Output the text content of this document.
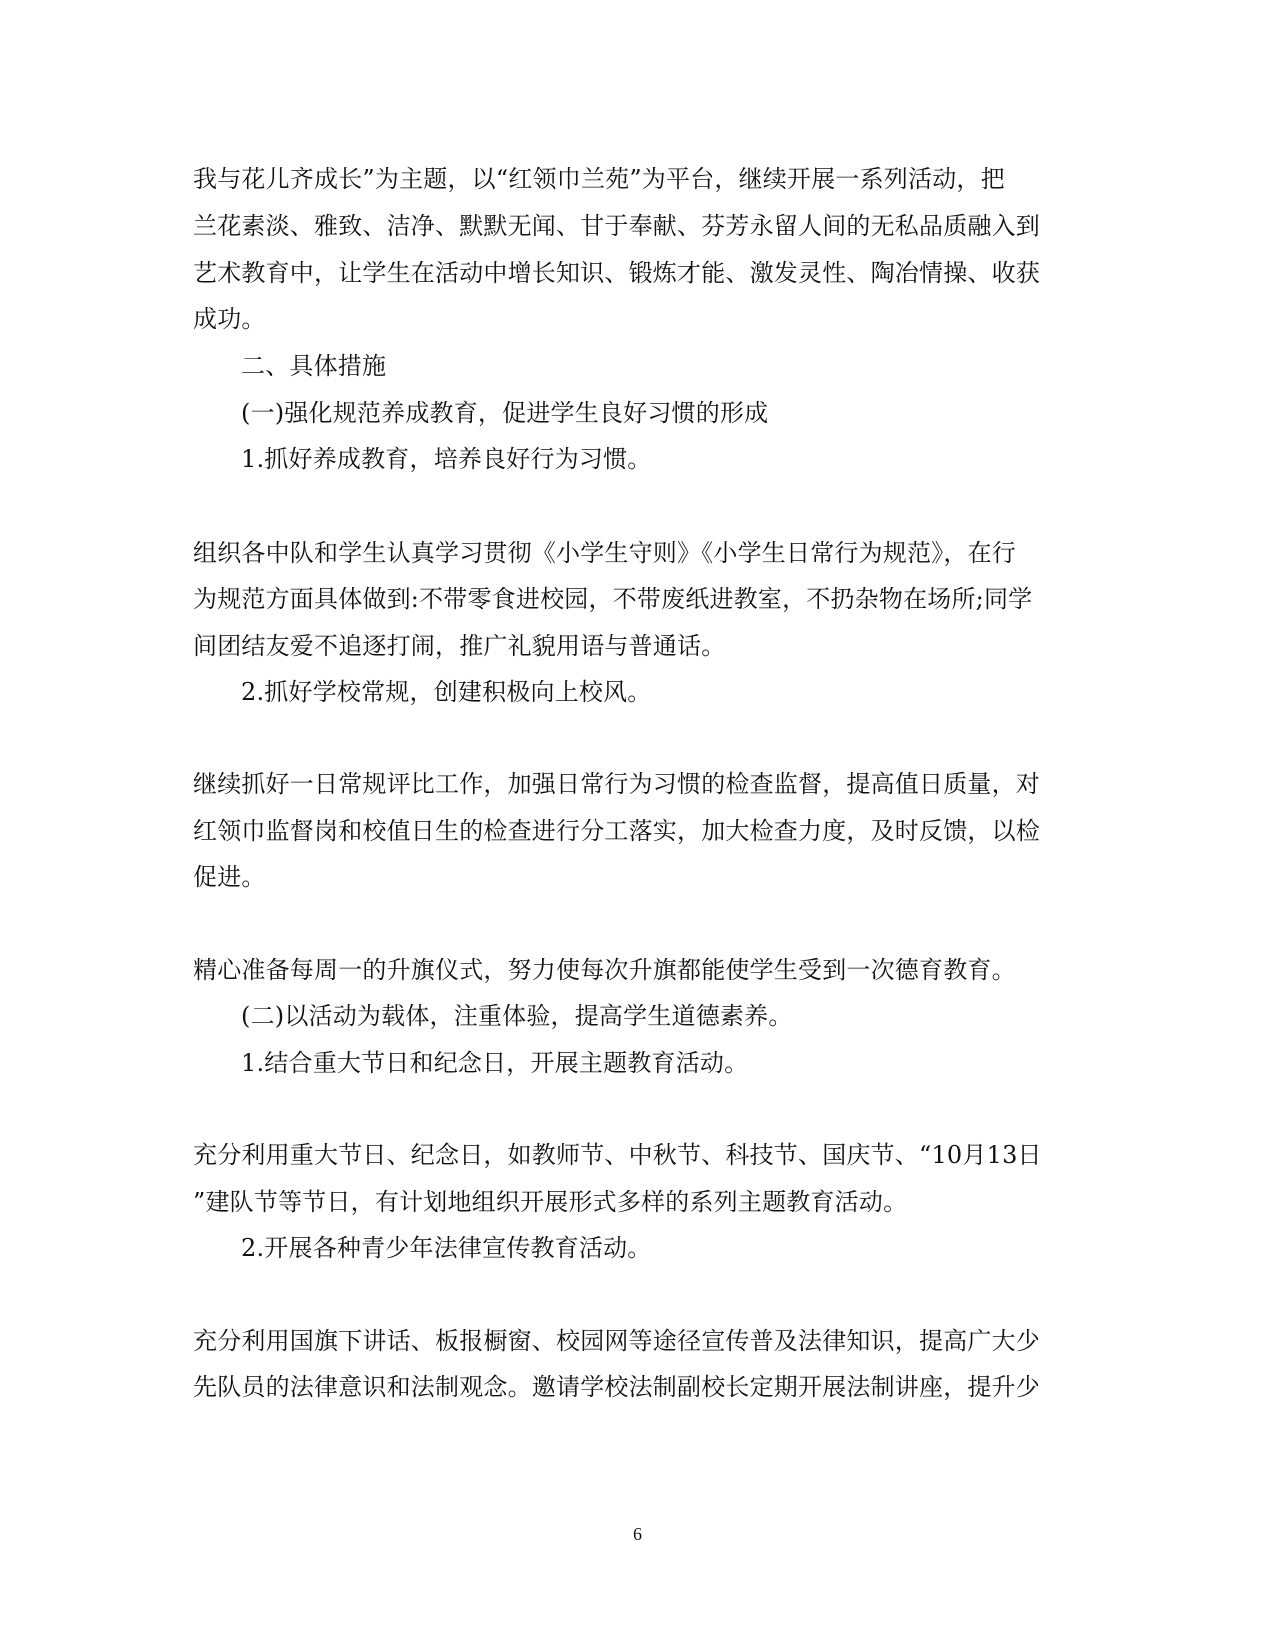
我与花儿齐成长”为主题，以“红领巾兰苑”为平台，继续开展一系列活动，把
兰花素淡、雅致、洁净、默默无闻、甘于奉献、芬芳永留人间的无私品质融入到
艺术教育中，让学生在活动中增长知识、锻炼才能、激发灵性、陶冶情操、收获
成功。
二、具体措施
(一)强化规范养成教育，促进学生良好习惯的形成
1.抓好养成教育，培养良好行为习惯。
组织各中队和学生认真学习贯彻《小学生守则》《小学生日常行为规范》，在行
为规范方面具体做到:不带零食进校园，不带废纸进教室，不扔杂物在场所;同学
间团结友爱不追逐打闹，推广礼貌用语与普通话。
2.抓好学校常规，创建积极向上校风。
继续抓好一日常规评比工作，加强日常行为习惯的检查监督，提高值日质量，对
红领巾监督岗和校值日生的检查进行分工落实，加大检查力度，及时反馈，以检
促进。
精心准备每周一的升旗仪式，努力使每次升旗都能使学生受到一次德育教育。
(二)以活动为载体，注重体验，提高学生道德素养。
1.结合重大节日和纪念日，开展主题教育活动。
充分利用重大节日、纪念日，如教师节、中秋节、科技节、国庆节、“10月13日
”建队节等节日，有计划地组织开展形式多样的系列主题教育活动。
2.开展各种青少年法律宣传教育活动。
充分利用国旗下讲话、板报橱窗、校园网等途径宣传普及法律知识，提高广大少
先队员的法律意识和法制观念。邀请学校法制副校长定期开展法制讲座，提升少
6
